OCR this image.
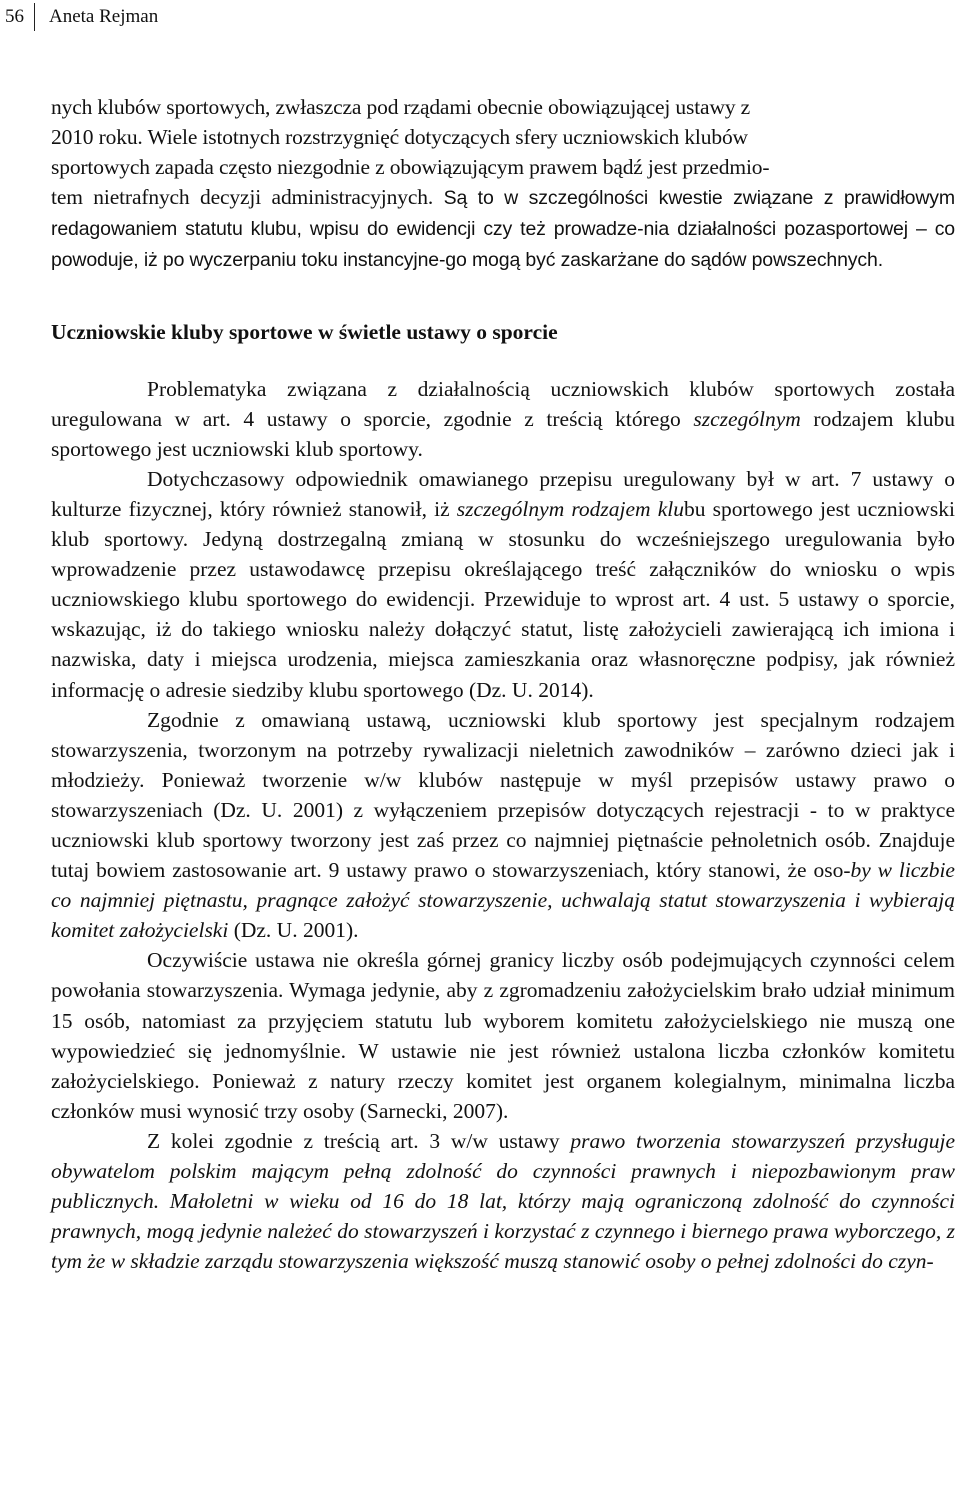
56	Aneta Rejman

nych klubów sportowych, zwłaszcza pod rządami obecnie obowiązującej ustawy z
2010 roku. Wiele istotnych rozstrzygnięć dotyczących sfery uczniowskich klubów
sportowych zapada często niezgodnie z obowiązującym prawem bądź jest przedmio-
tem nietrafnych decyzji administracyjnych. Są to w szczególności kwestie związane z prawidłowym redagowaniem statutu klubu, wpisu do ewidencji czy też prowadze-nia działalności pozasportowej – co powoduje, iż po wyczerpaniu toku instancyjne-go mogą być zaskarżane do sądów powszechnych.

Uczniowskie kluby sportowe w świetle ustawy o sporcie

Problematyka związana z działalnością uczniowskich klubów sportowych została uregulowana w art. 4 ustawy o sporcie, zgodnie z treścią którego szczególnym rodzajem klubu sportowego jest uczniowski klub sportowy.

Dotychczasowy odpowiednik omawianego przepisu uregulowany był w art. 7 ustawy o kulturze fizycznej, który również stanowił, iż szczególnym rodzajem klubu sportowego jest uczniowski klub sportowy. Jedyną dostrzegalną zmianą w stosunku do wcześniejszego uregulowania było wprowadzenie przez ustawodawcę przepisu określającego treść załączników do wniosku o wpis uczniowskiego klubu sportowego do ewidencji. Przewiduje to wprost art. 4 ust. 5 ustawy o sporcie, wskazując, iż do takiego wniosku należy dołączyć statut, listę założycieli zawierającą ich imiona i nazwiska, daty i miejsca urodzenia, miejsca zamieszkania oraz własnoręczne podpisy, jak również informację o adresie siedziby klubu sportowego (Dz. U. 2014).

Zgodnie z omawianą ustawą, uczniowski klub sportowy jest specjalnym rodzajem stowarzyszenia, tworzonym na potrzeby rywalizacji nieletnich zawodników – zarówno dzieci jak i młodzieży. Ponieważ tworzenie w/w klubów następuje w myśl przepisów ustawy prawo o stowarzyszeniach (Dz. U. 2001) z wyłączeniem przepisów dotyczących rejestracji - to w praktyce uczniowski klub sportowy tworzony jest zaś przez co najmniej piętnaście pełnoletnich osób. Znajduje tutaj bowiem zastosowanie art. 9 ustawy prawo o stowarzyszeniach, który stanowi, że oso-by w liczbie co najmniej piętnastu, pragnące założyć stowarzyszenie, uchwalają statut stowarzyszenia i wybierają komitet założycielski (Dz. U. 2001).

Oczywiście ustawa nie określa górnej granicy liczby osób podejmujących czynności celem powołania stowarzyszenia. Wymaga jedynie, aby z zgromadzeniu założycielskim brało udział minimum 15 osób, natomiast za przyjęciem statutu lub wyborem komitetu założycielskiego nie muszą one wypowiedzieć się jednomyślnie. W ustawie nie jest również ustalona liczba członków komitetu założycielskiego. Ponieważ z natury rzeczy komitet jest organem kolegialnym, minimalna liczba członków musi wynosić trzy osoby (Sarnecki, 2007).

Z kolei zgodnie z treścią art. 3 w/w ustawy prawo tworzenia stowarzyszeń przysługuje obywatelom polskim mającym pełną zdolność do czynności prawnych i niepozbawionym praw publicznych. Małoletni w wieku od 16 do 18 lat, którzy mają ograniczoną zdolność do czynności prawnych, mogą jedynie należeć do stowarzyszeń i korzystać z czynnego i biernego prawa wyborczego, z tym że w składzie zarządu stowarzyszenia większość muszą stanowić osoby o pełnej zdolności do czyn-
